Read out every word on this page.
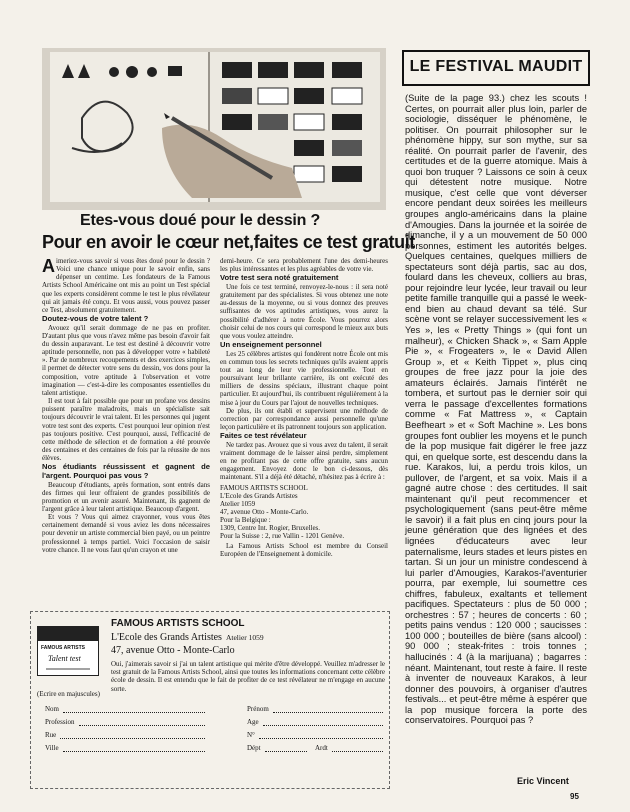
Etes-vous doué pour le dessin ?
Pour en avoir le cœur net,faites ce test gratuit

Aimeriez-vous savoir si vous êtes doué pour le dessin ? Voici une chance unique pour le savoir enfin, sans dépenser un centime. Les fondateurs de la Famous Artists School Américaine ont mis au point un Test spécial que les experts considèrent comme le test le plus révélateur qui ait jamais été conçu. Et vous aussi, vous pouvez passer ce Test, absolument gratuitement.

Doutez-vous de votre talent ?

Avouez qu'il serait dommage de ne pas en profiter. D'autant plus que vous n'avez même pas besoin d'avoir fait du dessin auparavant. Le test est destiné à découvrir votre aptitude personnelle, non pas à développer votre « habileté ». Par de nombreux recoupements et des exercices simples, il permet de détecter votre sens du dessin, vos dons pour la composition, votre aptitude à l'observation et votre imagination — c'est-à-dire les composantes essentielles du talent artistique.

Il est tout à fait possible que pour un profane vos dessins puissent paraître maladroits, mais un spécialiste sait toujours découvrir le vrai talent. Et les personnes qui jugent votre test sont des experts. C'est pourquoi leur opinion n'est pas toujours positive. C'est pourquoi, aussi, l'efficacité de cette méthode de sélection et de formation a été prouvée des centaines et des centaines de fois par la réussite de nos élèves.

Nos étudiants réussissent et gagnent de l'argent. Pourquoi pas vous ?

Beaucoup d'étudiants, après formation, sont entrés dans des firmes qui leur offraient de grandes possibilités de promotion et un avenir assuré. Maintenant, ils gagnent de l'argent grâce à leur talent artistique. Beaucoup d'argent.

Et vous ? Vous qui aimez crayonner, vous vous êtes certainement demandé si vous aviez les dons nécessaires pour devenir un artiste commercial bien payé, ou un peintre professionnel à temps partiel. Voici l'occasion de saisir votre chance. Il ne vous faut qu'un crayon et une

demi-heure. Ce sera probablement l'une des demi-heures les plus intéressantes et les plus agréables de votre vie.

Votre test sera noté gratuitement

Une fois ce test terminé, renvoyez-le-nous : il sera noté gratuitement par des spécialistes. Si vous obtenez une note au-dessus de la moyenne, ou si vous donnez des preuves suffisantes de vos aptitudes artistiques, vous aurez la possibilité d'adhérer à notre École. Vous pourrez alors choisir celui de nos cours qui correspond le mieux aux buts que vous voulez atteindre.

Un enseignement personnel

Les 25 célèbres artistes qui fondèrent notre École ont mis en commun tous les secrets techniques qu'ils avaient appris tout au long de leur vie professionnelle. Tout en poursuivant leur brillante carrière, ils ont exécuté des milliers de dessins spéciaux, illustrant chaque point particulier. Et aujourd'hui, ils contribuent régulièrement à la mise à jour du Cours par l'ajout de nouvelles techniques.

De plus, ils ont établi et supervisent une méthode de correction par correspondance aussi personnelle qu'une leçon particulière et ils patronnent toujours son application.

Faites ce test révélateur

Ne tardez pas. Avouez que si vous avez du talent, il serait vraiment dommage de le laisser ainsi perdre, simplement en ne profitant pas de cette offre gratuite, sans aucun engagement. Envoyez donc le bon ci-dessous, dès maintenant. S'il a déjà été détaché, n'hésitez pas à écrire à :

FAMOUS ARTISTS SCHOOL
L'Ecole des Grands Artistes
Atelier 1059
47, avenue Otto - Monte-Carlo.
Pour la Belgique :
1309, Centre Int. Rogier, Bruxelles.
Pour la Suisse : 2, rue Vallin - 1201 Genève.

La Famous Artists School est membre du Conseil Européen de l'Enseignement à domicile.

FAMOUS ARTISTS
Talent test
FAMOUS ARTISTS SCHOOL
L'Ecole des Grands Artistes Atelier 1059
47, avenue Otto - Monte-Carlo
Oui, j'aimerais savoir si j'ai un talent artistique qui mérite d'être développé. Veuillez m'adresser le test gratuit de la Famous Artists School, ainsi que toutes les informations concernant cette célèbre école de dessin. Il est entendu que le fait de profiter de ce test révélateur ne m'engage en aucune sorte.
(Ecrire en majuscules)
Nom	Prénom
Profession	Age
Rue	N°
Ville	Dépt	Ardt
LE FESTIVAL MAUDIT
(Suite de la page 93.) chez les scouts ! Certes, on pourrait aller plus loin, parler de sociologie, disséquer le phénomène, le politiser. On pourrait philosopher sur le phénomène hippy, sur son mythe, sur sa réalité. On pourrait parler de l'avenir, des certitudes et de la guerre atomique. Mais à quoi bon truquer ? Laissons ce soin à ceux qui détestent notre musique. Notre musique, c'est celle que vont déverser encore pendant deux soirées les meilleurs groupes anglo-américains dans la plaine d'Amougies. Dans la journée et la soirée de dimanche, il y a un mouvement de 50 000 personnes, estiment les autorités belges. Quelques centaines, quelques milliers de spectateurs sont déjà partis, sac au dos, foulard dans les cheveux, colliers au bras, pour rejoindre leur lycée, leur travail ou leur petite famille tranquille qui a passé le week-end bien au chaud devant sa télé. Sur scène vont se relayer successivement les « Yes », les « Pretty Things » (qui font un malheur), « Chicken Shack », « Sam Apple Pie », « Frogeaters », le « David Allen Group », et « Keith Tippet », plus cinq groupes de free jazz pour la joie des amateurs éclairés. Jamais l'intérêt ne tombera, et surtout pas le dernier soir qui verra le passage d'excellentes formations comme « Fat Mattress », « Captain Beefheart » et « Soft Machine ». Les bons groupes font oublier les moyens et le punch de la pop musique fait digérer le free jazz qui, en quelque sorte, est descendu dans la rue. Karakos, lui, a perdu trois kilos, un pullover, de l'argent, et sa voix. Mais il a gagné autre chose : des certitudes. Il sait maintenant qu'il peut recommencer et psychologiquement (sans peut-être même le savoir) il a fait plus en cinq jours pour la jeune génération que des lignées et des lignées d'éducateurs avec leur paternalisme, leurs stades et leurs pistes en tartan. Si un jour un ministre condescend à lui parler d'Amougies, Karakos-l'aventurier pourra, par exemple, lui soumettre ces chiffres, fabuleux, exaltants et tellement pacifiques. Spectateurs : plus de 50 000 ; orchestres : 57 ; heures de concerts : 60 ; petits pains vendus : 120 000 ; saucisses : 100 000 ; bouteilles de bière (sans alcool) : 90 000 ; steak-frites : trois tonnes ; hallucinés : 4 (à la marijuana) ; bagarres : néant. Maintenant, tout reste à faire. Il reste à inventer de nouveaux Karakos, à leur donner des pouvoirs, à organiser d'autres festivals... et peut-être même à espérer que la pop musique forcera la porte des conservatoires. Pourquoi pas ?
Eric Vincent
95
